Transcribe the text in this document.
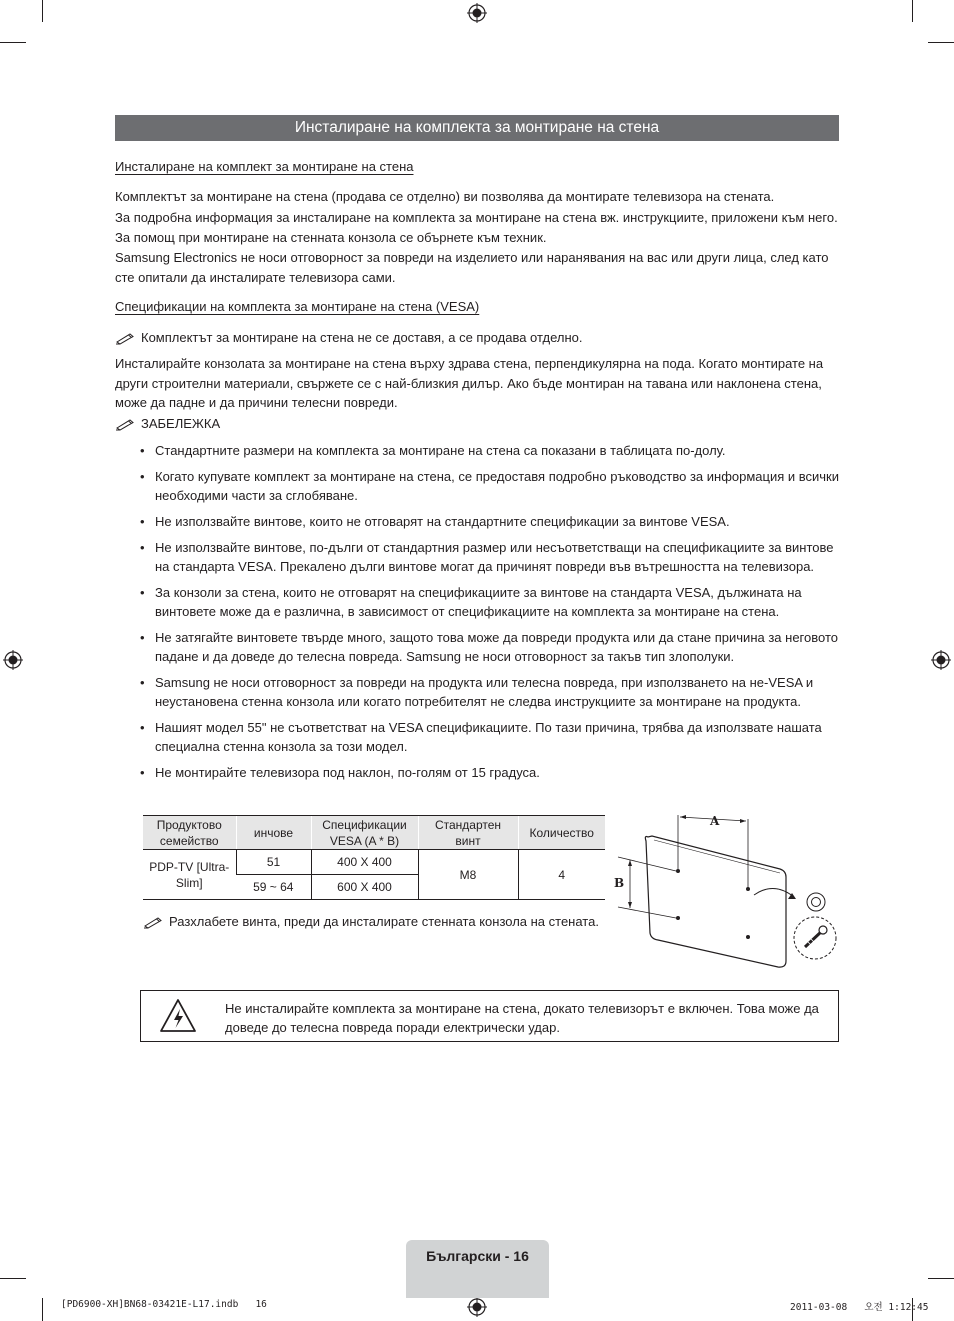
Инсталиране на комплекта за монтиране на стена
Инсталиране на комплект за монтиране на стена
Комплектът за монтиране на стена (продава се отделно) ви позволява да монтирате телевизора на стената.
За подробна информация за инсталиране на комплекта за монтиране на стена вж. инструкциите, приложени към него. За помощ при монтиране на стенната конзола се обърнете към техник.
Samsung Electronics не носи отговорност за повреди на изделието или наранявания на вас или други лица, след като сте опитали да инсталирате телевизора сами.
Спецификации на комплекта за монтиране на стена (VESA)
Комплектът за монтиране на стена не се доставя, а се продава отделно.
Инсталирайте конзолата за монтиране на стена върху здрава стена, перпендикулярна на пода. Когато монтирате на други строителни материали, свържете се с най-близкия дилър. Ако бъде монтиран на тавана или наклонена стена, може да падне и да причини телесни повреди.
ЗАБЕЛЕЖКА
• Стандартните размери на комплекта за монтиране на стена са показани в таблицата по-долу.
• Когато купувате комплект за монтиране на стена, се предоставя подробно ръководство за информация и всички необходими части за сглобяване.
• Не използвайте винтове, които не отговарят на стандартните спецификации за винтове VESA.
• Не използвайте винтове, по-дълги от стандартния размер или несъответстващи на спецификациите за винтове на стандарта VESA. Прекалено дълги винтове могат да причинят повреди във вътрешността на телевизора.
• За конзоли за стена, които не отговарят на спецификациите за винтове на стандарта VESA, дължината на винтовете може да е различна, в зависимост от спецификациите на комплекта за монтиране на стена.
• Не затягайте винтовете твърде много, защото това може да повреди продукта или да стане причина за неговото падане и да доведе до телесна повреда. Samsung не носи отговорност за такъв тип злополуки.
• Samsung не носи отговорност за повреди на продукта или телесна повреда, при използването на не-VESA и неустановена стенна конзола или когато потребителят не следва инструкциите за монтиране на продукта.
• Нашият модел 55" не съответстват на VESA спецификациите. По тази причина, трябва да използвате нашата специална стенна конзола за този модел.
• Не монтирайте телевизора под наклон, по-голям от 15 градуса.
Продуктово семейство	инчове	Спецификации VESA (A * B)	Стандартен винт	Количество
PDP-TV [Ultra-Slim]	51	400 X 400	M8	4
	59 ~ 64	600 X 400		
Разхлабете винта, преди да инсталирате стенната конзола на стената.
A
B
Не инсталирайте комплекта за монтиране на стена, докато телевизорът е включен. Това може да доведе до телесна повреда поради електрически удар.
Български - 16
[PD6900-XH]BN68-03421E-L17.indb   16	2011-03-08   오전 1:12:45
